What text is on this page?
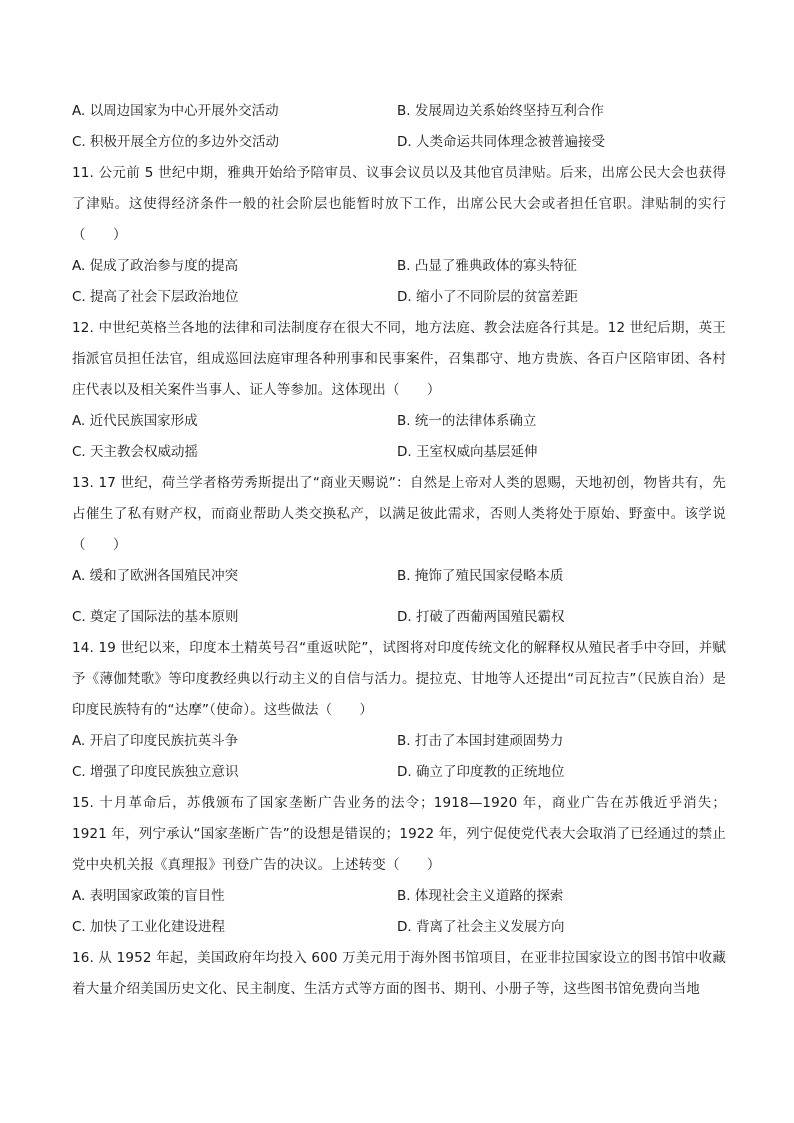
A. 以周边国家为中心开展外交活动	B. 发展周边关系始终坚持互利合作
C. 积极开展全方位的多边外交活动	D. 人类命运共同体理念被普遍接受
11. 公元前 5 世纪中期，雅典开始给予陪审员、议事会议员以及其他官员津贴。后来，出席公民大会也获得了津贴。这使得经济条件一般的社会阶层也能暂时放下工作，出席公民大会或者担任官职。津贴制的实行（　　）
A. 促成了政治参与度的提高	B. 凸显了雅典政体的寡头特征
C. 提高了社会下层政治地位	D. 缩小了不同阶层的贫富差距
12. 中世纪英格兰各地的法律和司法制度存在很大不同，地方法庭、教会法庭各行其是。12 世纪后期，英王指派官员担任法官，组成巡回法庭审理各种刑事和民事案件，召集郡守、地方贵族、各百户区陪审团、各村庄代表以及相关案件当事人、证人等参加。这体现出（　　）
A. 近代民族国家形成	B. 统一的法律体系确立
C. 天主教会权威动摇	D. 王室权威向基层延伸
13. 17 世纪，荷兰学者格劳秀斯提出了“商业天赐说”：自然是上帝对人类的恩赐，天地初创，物皆共有，先占催生了私有财产权，而商业帮助人类交换私产，以满足彼此需求，否则人类将处于原始、野蛮中。该学说（　　）
A. 缓和了欧洲各国殖民冲突	B. 掩饰了殖民国家侵略本质
C. 奠定了国际法的基本原则	D. 打破了西葡两国殖民霸权
14. 19 世纪以来，印度本土精英号召“重返吠陀”，试图将对印度传统文化的解释权从殖民者手中夺回，并赋予《薄伽梵歌》等印度教经典以行动主义的自信与活力。提拉克、甘地等人还提出“司瓦拉吉”（民族自治）是印度民族特有的“达摩”（使命）。这些做法（　　）
A. 开启了印度民族抗英斗争	B. 打击了本国封建顽固势力
C. 增强了印度民族独立意识	D. 确立了印度教的正统地位
15. 十月革命后，苏俄颁布了国家垄断广告业务的法令；1918—1920 年，商业广告在苏俄近乎消失；1921 年，列宁承认“国家垄断广告”的设想是错误的；1922 年，列宁促使党代表大会取消了已经通过的禁止党中央机关报《真理报》刊登广告的决议。上述转变（　　）
A. 表明国家政策的盲目性	B. 体现社会主义道路的探索
C. 加快了工业化建设进程	D. 背离了社会主义发展方向
16. 从 1952 年起，美国政府年均投入 600 万美元用于海外图书馆项目，在亚非拉国家设立的图书馆中收藏着大量介绍美国历史文化、民主制度、生活方式等方面的图书、期刊、小册子等，这些图书馆免费向当地
